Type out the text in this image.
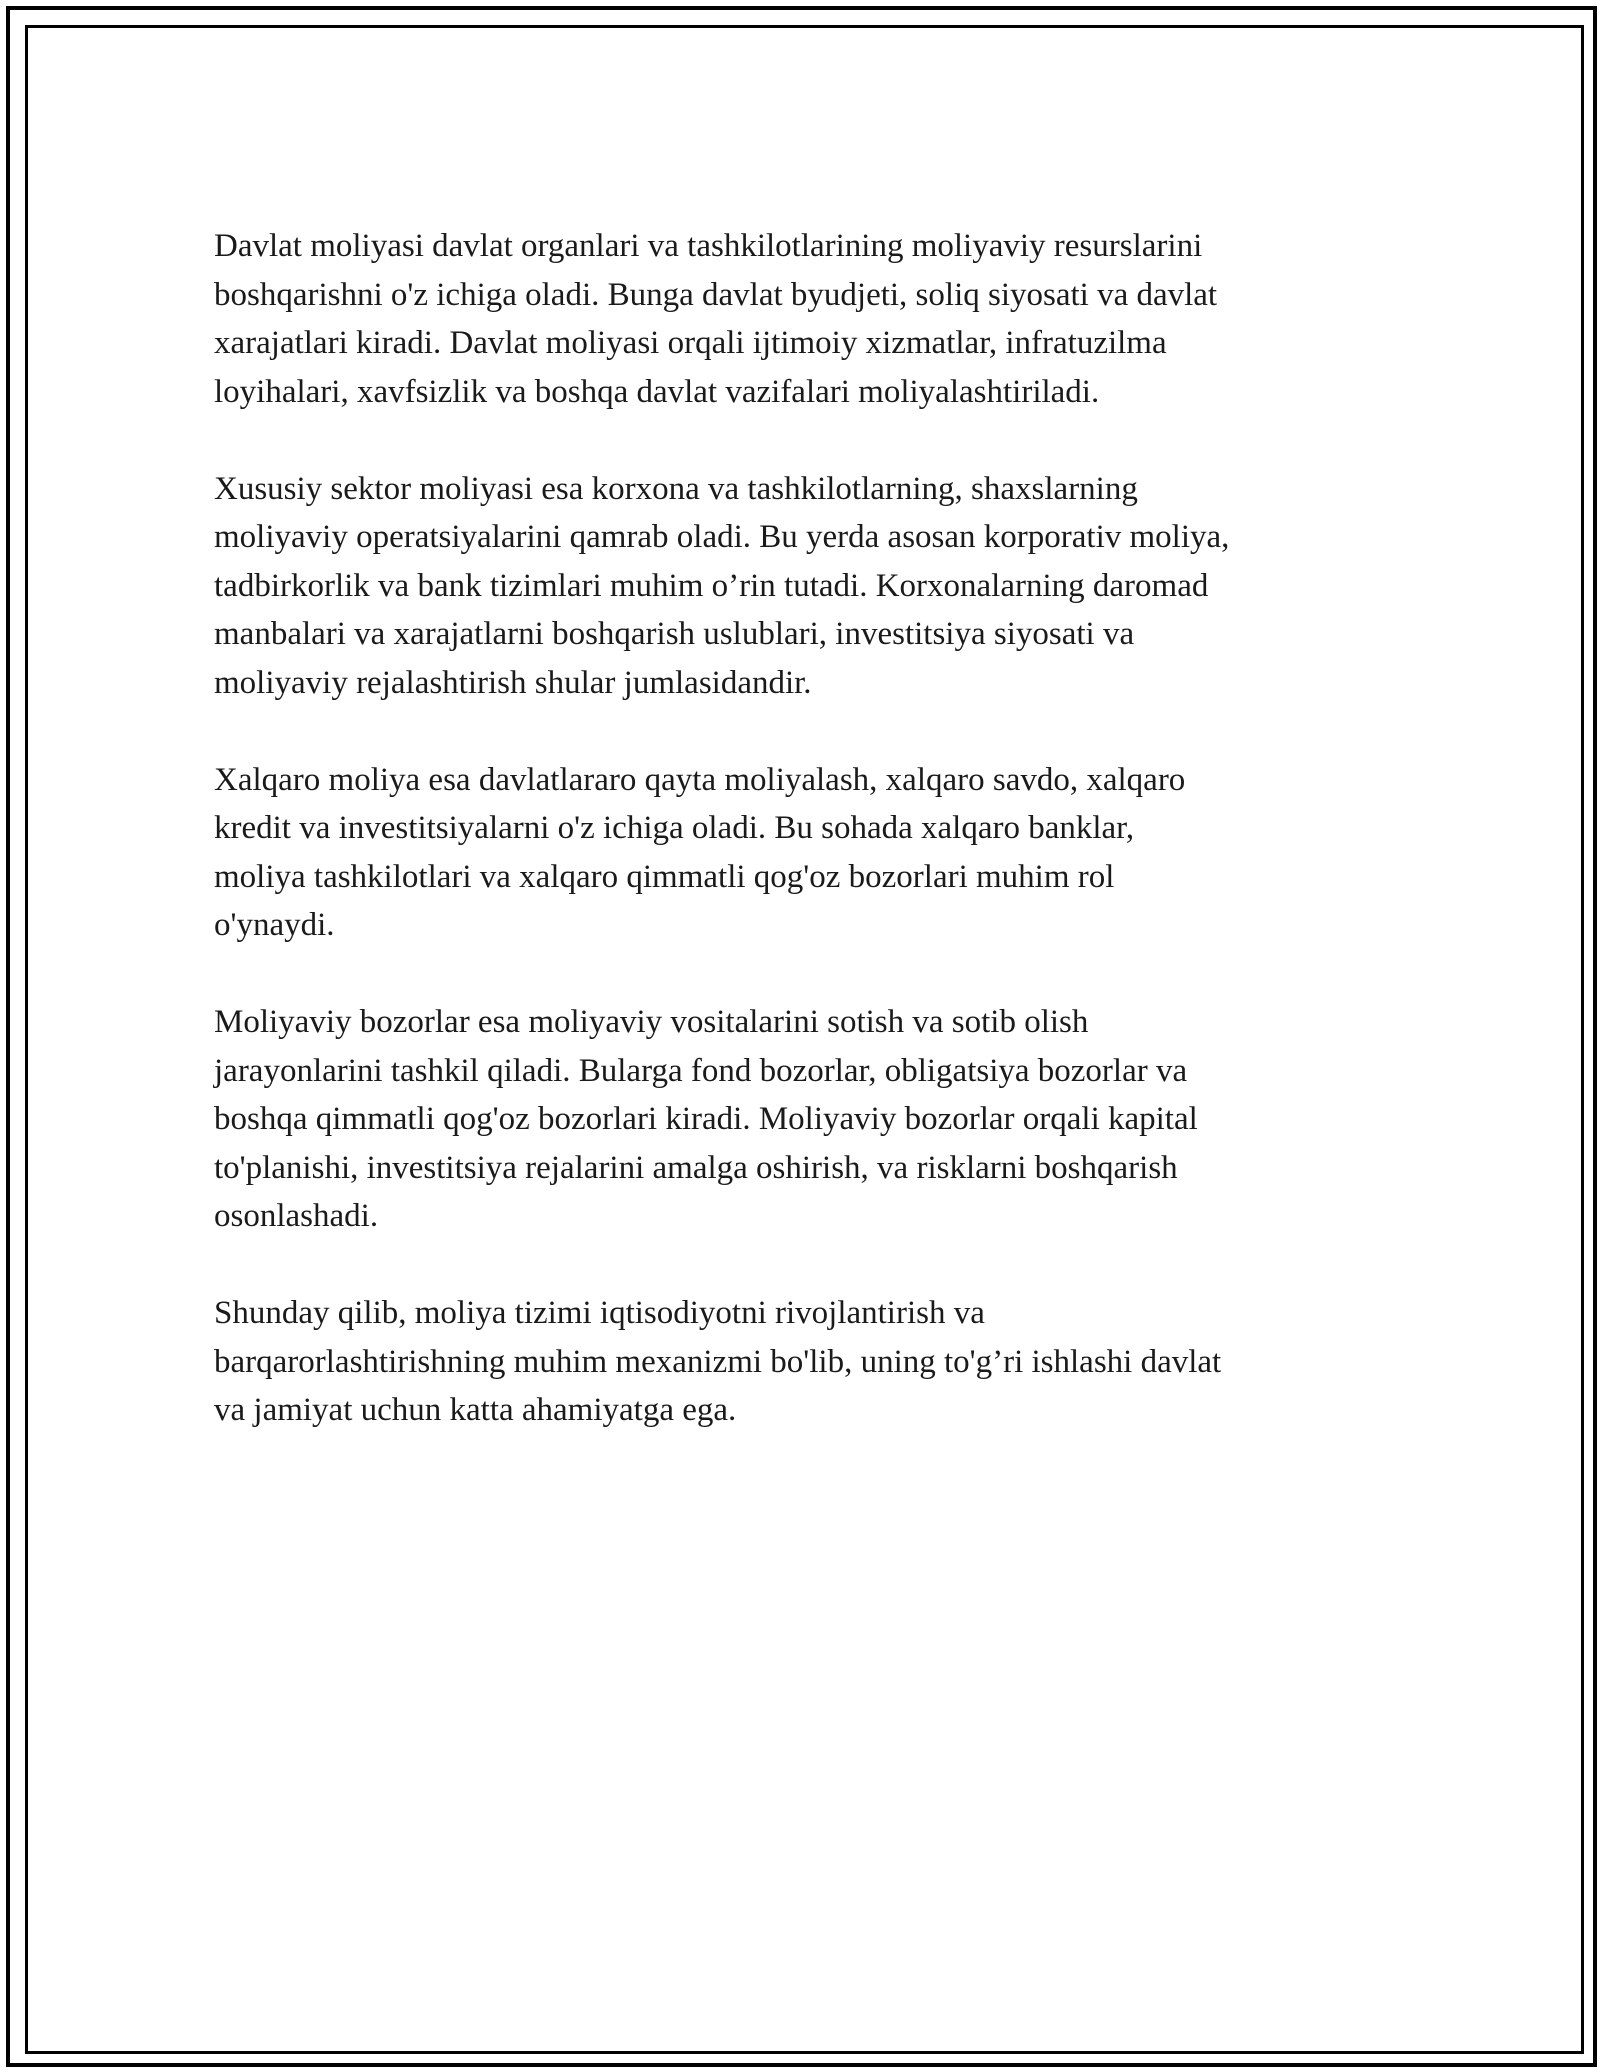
Davlat moliyasi davlat organlari va tashkilotlarining moliyaviy resurslarini
boshqarishni o'z ichiga oladi. Bunga davlat byudjeti, soliq siyosati va davlat
xarajatlari kiradi. Davlat moliyasi orqali ijtimoiy xizmatlar, infratuzilma
loyihalari, xavfsizlik va boshqa davlat vazifalari moliyalashtiriladi.

Xususiy sektor moliyasi esa korxona va tashkilotlarning, shaxslarning
moliyaviy operatsiyalarini qamrab oladi. Bu yerda asosan korporativ moliya,
tadbirkorlik va bank tizimlari muhim o’rin tutadi. Korxonalarning daromad
manbalari va xarajatlarni boshqarish uslublari, investitsiya siyosati va
moliyaviy rejalashtirish shular jumlasidandir.

Xalqaro moliya esa davlatlararo qayta moliyalash, xalqaro savdo, xalqaro
kredit va investitsiyalarni o'z ichiga oladi. Bu sohada xalqaro banklar,
moliya tashkilotlari va xalqaro qimmatli qog'oz bozorlari muhim rol
o'ynaydi.

Moliyaviy bozorlar esa moliyaviy vositalarini sotish va sotib olish
jarayonlarini tashkil qiladi. Bularga fond bozorlar, obligatsiya bozorlar va
boshqa qimmatli qog'oz bozorlari kiradi. Moliyaviy bozorlar orqali kapital
to'planishi, investitsiya rejalarini amalga oshirish, va risklarni boshqarish
osonlashadi.

Shunday qilib, moliya tizimi iqtisodiyotni rivojlantirish va
barqarorlashtirishning muhim mexanizmi bo'lib, uning to'g’ri ishlashi davlat
va jamiyat uchun katta ahamiyatga ega.
